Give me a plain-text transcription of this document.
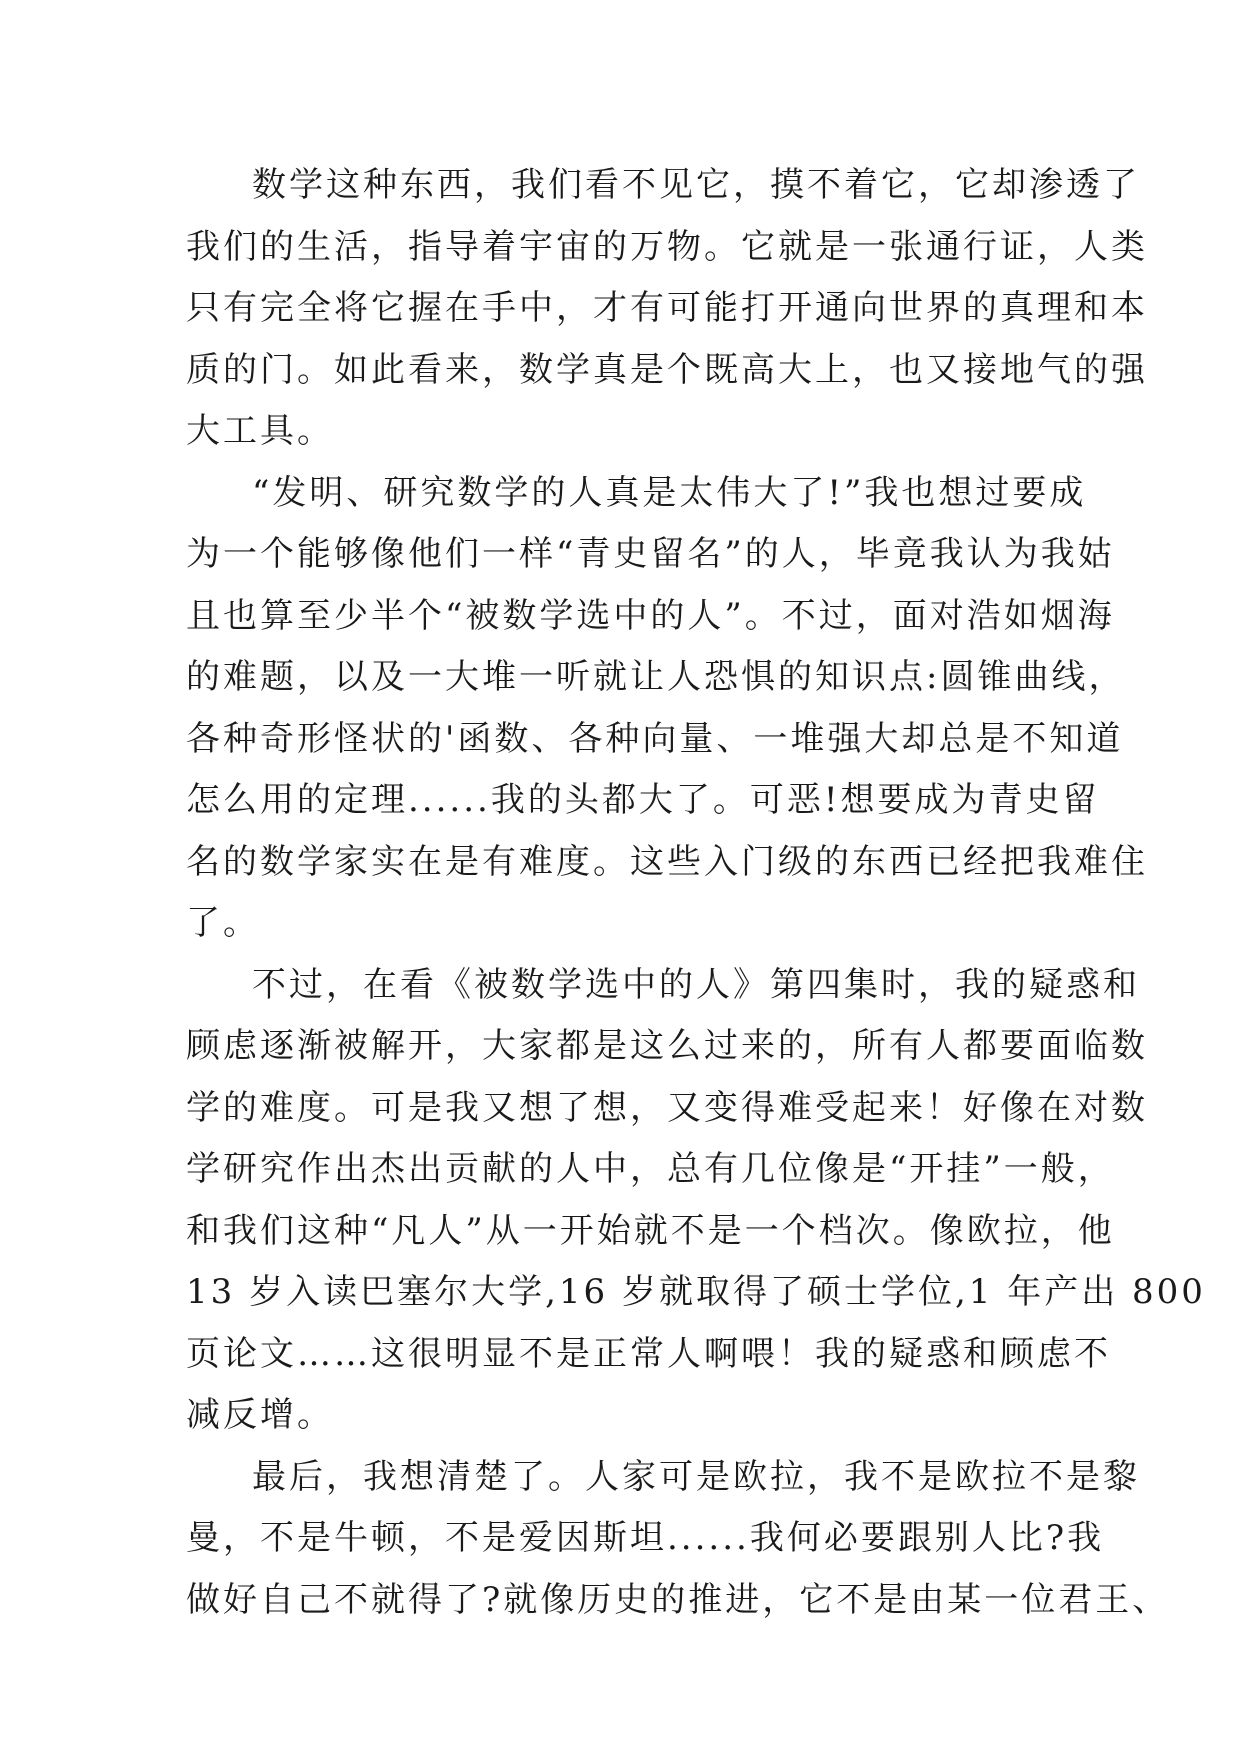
数学这种东西，我们看不见它，摸不着它，它却渗透了
我们的生活，指导着宇宙的万物。它就是一张通行证，人类
只有完全将它握在手中，才有可能打开通向世界的真理和本
质的门。如此看来，数学真是个既高大上，也又接地气的强
大工具。
“发明、研究数学的人真是太伟大了!”我也想过要成
为一个能够像他们一样“青史留名”的人，毕竟我认为我姑
且也算至少半个“被数学选中的人”。不过，面对浩如烟海
的难题，以及一大堆一听就让人恐惧的知识点:圆锥曲线，
各种奇形怪状的'函数、各种向量、一堆强大却总是不知道
怎么用的定理......我的头都大了。可恶!想要成为青史留
名的数学家实在是有难度。这些入门级的东西已经把我难住
了。
不过，在看《被数学选中的人》第四集时，我的疑惑和
顾虑逐渐被解开，大家都是这么过来的，所有人都要面临数
学的难度。可是我又想了想，又变得难受起来！好像在对数
学研究作出杰出贡献的人中，总有几位像是“开挂”一般，
和我们这种“凡人”从一开始就不是一个档次。像欧拉，他
13 岁入读巴塞尔大学,16 岁就取得了硕士学位,1 年产出 800
页论文……这很明显不是正常人啊喂！我的疑惑和顾虑不
减反增。
最后，我想清楚了。人家可是欧拉，我不是欧拉不是黎
曼，不是牛顿，不是爱因斯坦......我何必要跟别人比?我
做好自己不就得了?就像历史的推进，它不是由某一位君王、
